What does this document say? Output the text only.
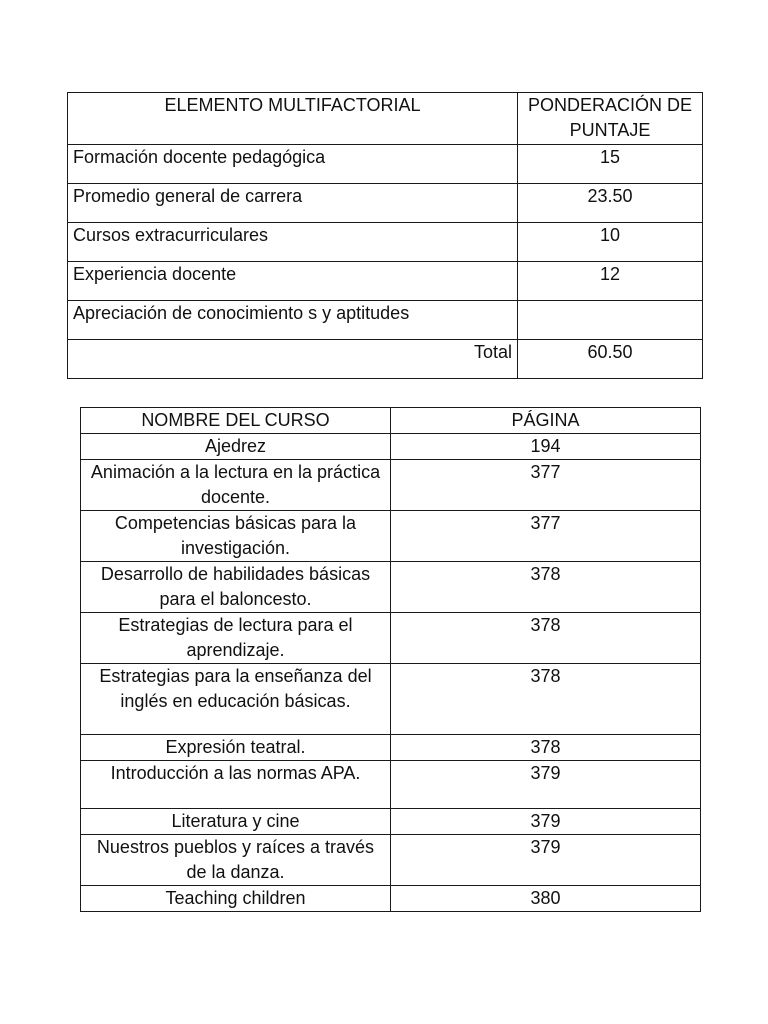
ELEMENTO MULTIFACTORIAL	PONDERACIÓN DE PUNTAJE
Formación docente pedagógica	15
Promedio general de carrera	23.50
Cursos extracurriculares	10
Experiencia docente	12
Apreciación de conocimiento s y aptitudes	
Total	60.50
NOMBRE DEL CURSO	PÁGINA
Ajedrez	194
Animación a la lectura en la práctica docente.	377
Competencias básicas para la investigación.	377
Desarrollo de habilidades básicas para el baloncesto.	378
Estrategias de lectura para el aprendizaje.	378
Estrategias para la enseñanza del inglés en educación básicas.	378
Expresión teatral.	378
Introducción a las normas APA.	379
Literatura y cine	379
Nuestros pueblos y raíces a través de la danza.	379
Teaching children	380
